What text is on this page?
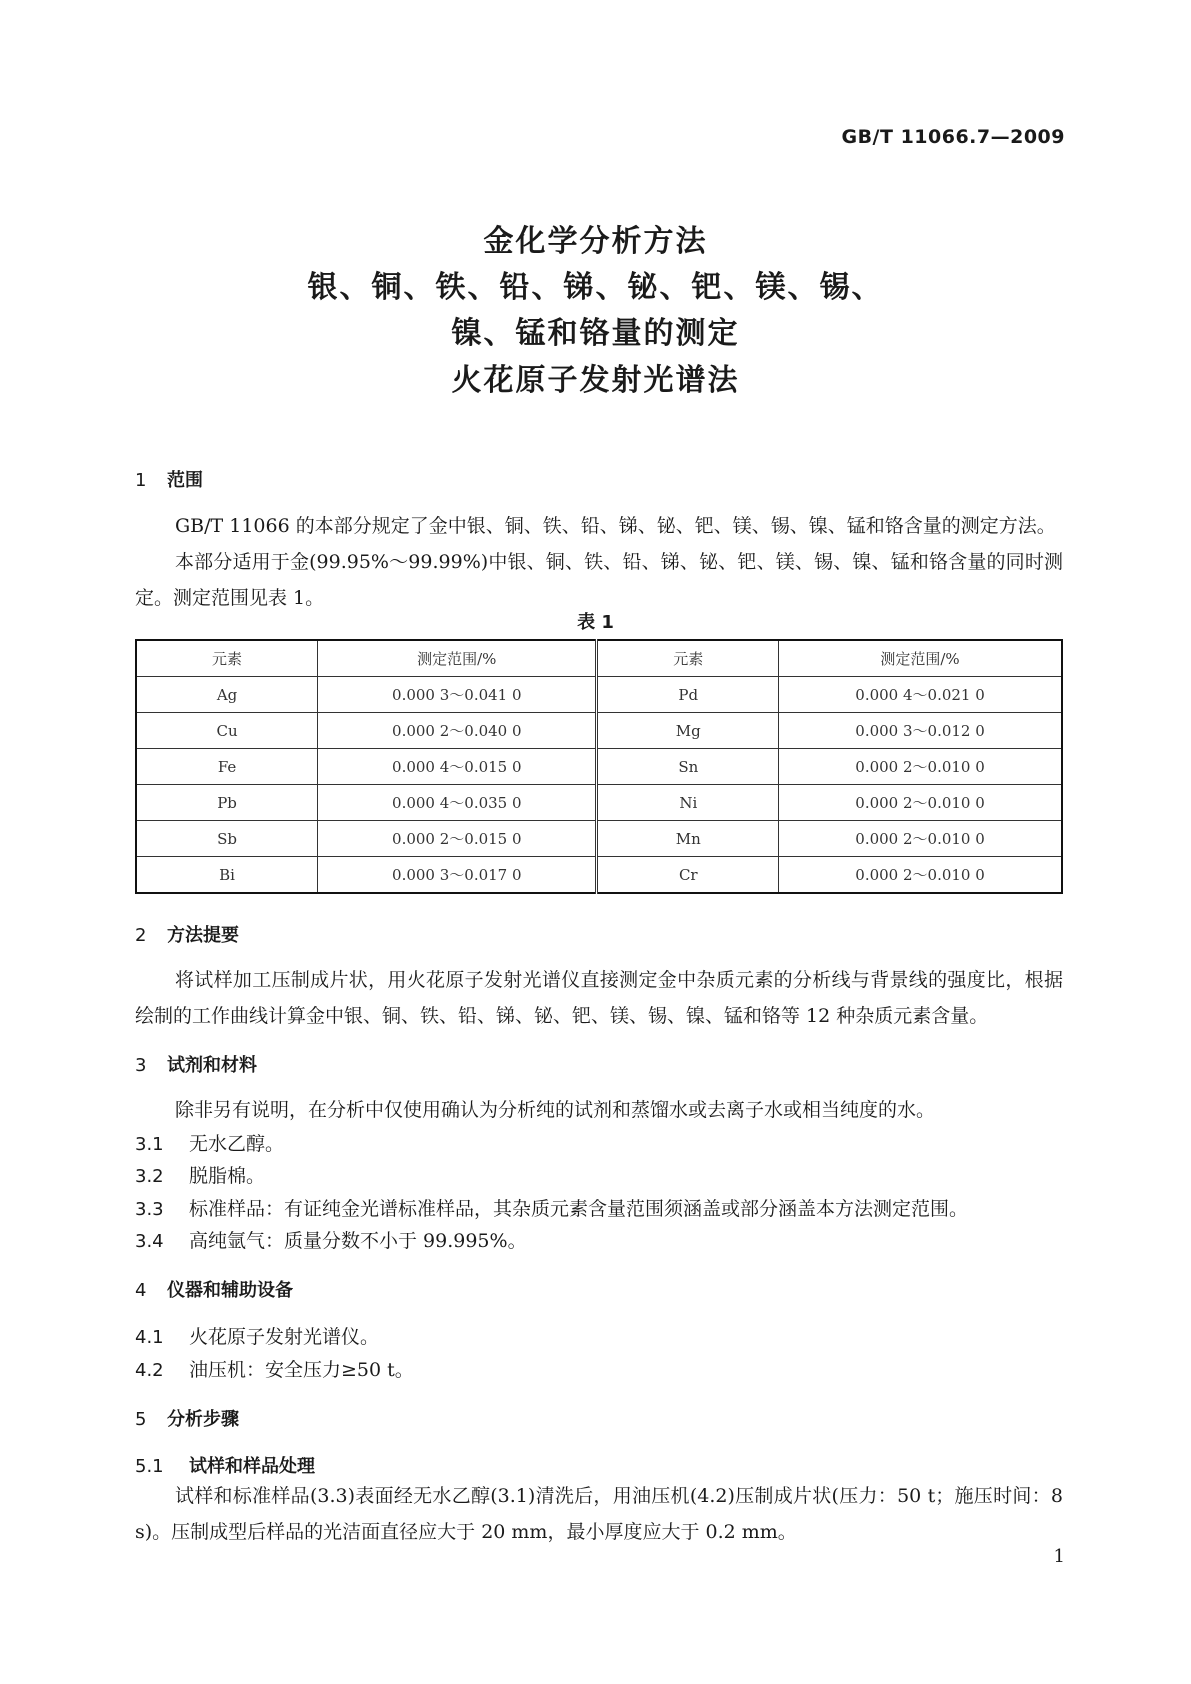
GB/T 11066.7—2009
金化学分析方法
银、铜、铁、铅、锑、铋、钯、镁、锡、
镍、锰和铬量的测定
火花原子发射光谱法
1 范围
GB/T 11066 的本部分规定了金中银、铜、铁、铅、锑、铋、钯、镁、锡、镍、锰和铬含量的测定方法。
本部分适用于金(99.95%～99.99%)中银、铜、铁、铅、锑、铋、钯、镁、锡、镍、锰和铬含量的同时测定。测定范围见表 1。
表 1
元素	测定范围/%	元素	测定范围/%
Ag	0.000 3～0.041 0	Pd	0.000 4～0.021 0
Cu	0.000 2～0.040 0	Mg	0.000 3～0.012 0
Fe	0.000 4～0.015 0	Sn	0.000 2～0.010 0
Pb	0.000 4～0.035 0	Ni	0.000 2～0.010 0
Sb	0.000 2～0.015 0	Mn	0.000 2～0.010 0
Bi	0.000 3～0.017 0	Cr	0.000 2～0.010 0
2 方法提要
将试样加工压制成片状，用火花原子发射光谱仪直接测定金中杂质元素的分析线与背景线的强度比，根据绘制的工作曲线计算金中银、铜、铁、铅、锑、铋、钯、镁、锡、镍、锰和铬等 12 种杂质元素含量。
3 试剂和材料
除非另有说明，在分析中仅使用确认为分析纯的试剂和蒸馏水或去离子水或相当纯度的水。
3.1 无水乙醇。
3.2 脱脂棉。
3.3 标准样品：有证纯金光谱标准样品，其杂质元素含量范围须涵盖或部分涵盖本方法测定范围。
3.4 高纯氩气：质量分数不小于 99.995%。
4 仪器和辅助设备
4.1 火花原子发射光谱仪。
4.2 油压机：安全压力≥50 t。
5 分析步骤
5.1 试样和样品处理
试样和标准样品(3.3)表面经无水乙醇(3.1)清洗后，用油压机(4.2)压制成片状(压力：50 t；施压时间：8 s)。压制成型后样品的光洁面直径应大于 20 mm，最小厚度应大于 0.2 mm。
1
